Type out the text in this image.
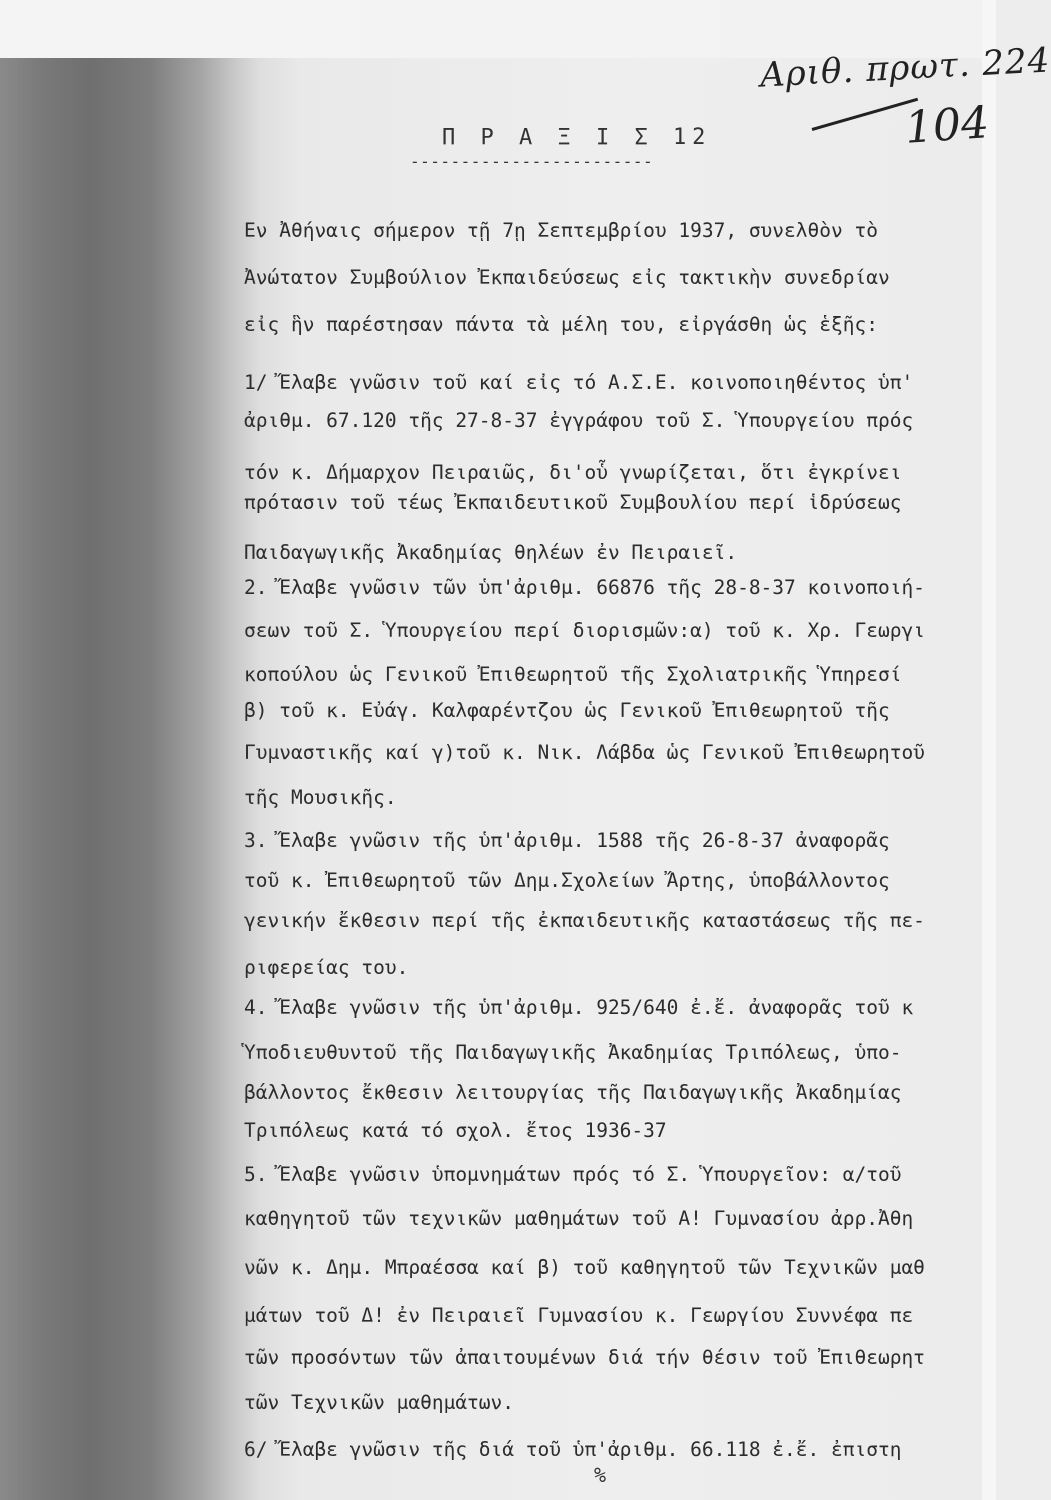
Αριθ. πρωτ. 224
104
Π Ρ Α Ξ Ι Σ 12
------------------------
Εν Ἀθήναις σήμερον τῇ 7ῃ Σεπτεμβρίου 1937, συνελθὸν τὸ
Ἀνώτατον Συμβούλιον Ἐκπαιδεύσεως εἰς τακτικὴν συνεδρίαν
εἰς ἣν παρέστησαν πάντα τὰ μέλη του, εἰργάσθη ὡς ἑξῆς:
1/ Ἔλαβε γνῶσιν τοῦ καί εἰς τό Α.Σ.Ε. κοινοποιηθέντος ὑπ'
ἀριθμ. 67.120 τῆς 27-8-37 ἐγγράφου τοῦ Σ. Ὑπουργείου πρός
τόν κ. Δήμαρχον Πειραιῶς, δι'οὗ γνωρίζεται, ὅτι ἐγκρίνει
πρότασιν τοῦ τέως Ἐκπαιδευτικοῦ Συμβουλίου περί ἱδρύσεως
Παιδαγωγικῆς Ἀκαδημίας θηλέων ἐν Πειραιεῖ.
2. Ἔλαβε γνῶσιν τῶν ὑπ'ἀριθμ. 66876 τῆς 28-8-37 κοινοποιή-
σεων τοῦ Σ. Ὑπουργείου περί διορισμῶν:α) τοῦ κ. Χρ. Γεωργι
κοπούλου ὡς Γενικοῦ Ἐπιθεωρητοῦ τῆς Σχολιατρικῆς Ὑπηρεσί
β) τοῦ κ. Εὐάγ. Καλφαρέντζου ὡς Γενικοῦ Ἐπιθεωρητοῦ τῆς
Γυμναστικῆς καί γ)τοῦ κ. Νικ. Λάβδα ὡς Γενικοῦ Ἐπιθεωρητοῦ
τῆς Μουσικῆς.
3. Ἔλαβε γνῶσιν τῆς ὑπ'ἀριθμ. 1588 τῆς 26-8-37 ἀναφορᾶς
τοῦ κ. Ἐπιθεωρητοῦ τῶν Δημ.Σχολείων Ἄρτης, ὑποβάλλοντος
γενικήν ἔκθεσιν περί τῆς ἐκπαιδευτικῆς καταστάσεως τῆς πε-
ριφερείας του.
4. Ἔλαβε γνῶσιν τῆς ὑπ'ἀριθμ. 925/640 ἐ.ἔ. ἀναφορᾶς τοῦ κ
Ὑποδιευθυντοῦ τῆς Παιδαγωγικῆς Ἀκαδημίας Τριπόλεως, ὑπο-
βάλλοντος ἔκθεσιν λειτουργίας τῆς Παιδαγωγικῆς Ἀκαδημίας
Τριπόλεως κατά τό σχολ. ἔτος 1936-37
5. Ἔλαβε γνῶσιν ὑπομνημάτων πρός τό Σ. Ὑπουργεῖον: α/τοῦ
καθηγητοῦ τῶν τεχνικῶν μαθημάτων τοῦ Α! Γυμνασίου ἀρρ.Ἀθη
νῶν κ. Δημ. Μπραέσσα καί β) τοῦ καθηγητοῦ τῶν Τεχνικῶν μαθ
μάτων τοῦ Δ! ἐν Πειραιεῖ Γυμνασίου κ. Γεωργίου Συννέφα πε
τῶν προσόντων τῶν ἀπαιτουμένων διά τήν θέσιν τοῦ Ἐπιθεωρητ
τῶν Τεχνικῶν μαθημάτων.
6/ Ἔλαβε γνῶσιν τῆς διά τοῦ ὑπ'ἀριθμ. 66.118 ἐ.ἔ. ἐπιστη
%
